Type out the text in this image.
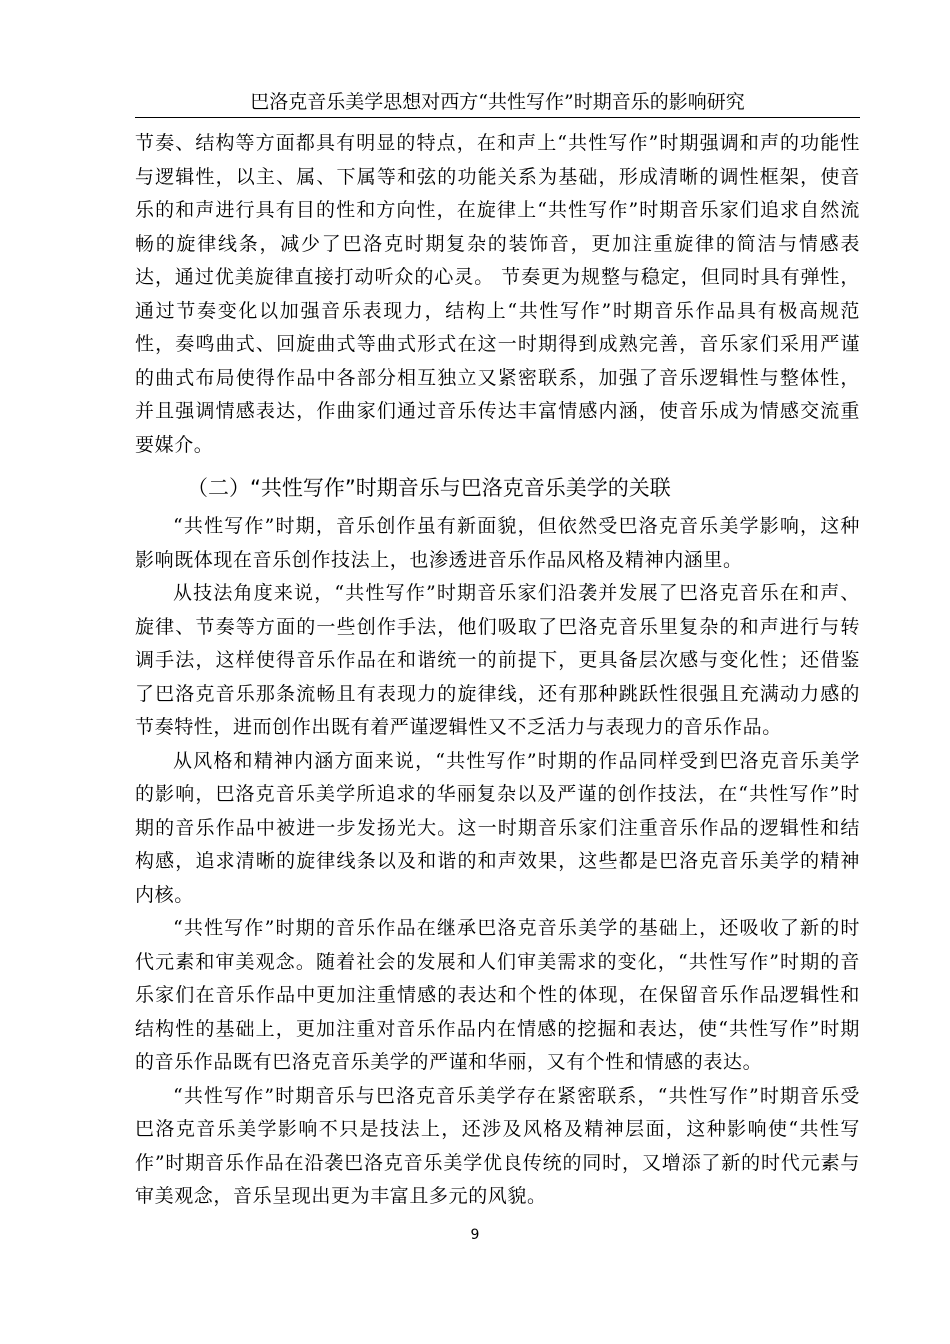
巴洛克音乐美学思想对西方“共性写作”时期音乐的影响研究

节奏、结构等方面都具有明显的特点，在和声上“共性写作”时期强调和声的功能性与逻辑性，以主、属、下属等和弦的功能关系为基础，形成清晰的调性框架，使音乐的和声进行具有目的性和方向性，在旋律上“共性写作”时期音乐家们追求自然流畅的旋律线条，减少了巴洛克时期复杂的装饰音，更加注重旋律的简洁与情感表达，通过优美旋律直接打动听众的心灵。 节奏更为规整与稳定，但同时具有弹性，通过节奏变化以加强音乐表现力，结构上“共性写作”时期音乐作品具有极高规范性，奏鸣曲式、回旋曲式等曲式形式在这一时期得到成熟完善，音乐家们采用严谨的曲式布局使得作品中各部分相互独立又紧密联系，加强了音乐逻辑性与整体性，并且强调情感表达，作曲家们通过音乐传达丰富情感内涵，使音乐成为情感交流重要媒介。

（二）“共性写作”时期音乐与巴洛克音乐美学的关联

“共性写作”时期，音乐创作虽有新面貌，但依然受巴洛克音乐美学影响，这种影响既体现在音乐创作技法上，也渗透进音乐作品风格及精神内涵里。

从技法角度来说，“共性写作”时期音乐家们沿袭并发展了巴洛克音乐在和声、旋律、节奏等方面的一些创作手法，他们吸取了巴洛克音乐里复杂的和声进行与转调手法，这样使得音乐作品在和谐统一的前提下，更具备层次感与变化性；还借鉴了巴洛克音乐那条流畅且有表现力的旋律线，还有那种跳跃性很强且充满动力感的节奏特性，进而创作出既有着严谨逻辑性又不乏活力与表现力的音乐作品。

从风格和精神内涵方面来说，“共性写作”时期的作品同样受到巴洛克音乐美学的影响，巴洛克音乐美学所追求的华丽复杂以及严谨的创作技法，在“共性写作”时期的音乐作品中被进一步发扬光大。这一时期音乐家们注重音乐作品的逻辑性和结构感，追求清晰的旋律线条以及和谐的和声效果，这些都是巴洛克音乐美学的精神内核。

“共性写作”时期的音乐作品在继承巴洛克音乐美学的基础上，还吸收了新的时代元素和审美观念。随着社会的发展和人们审美需求的变化，“共性写作”时期的音乐家们在音乐作品中更加注重情感的表达和个性的体现，在保留音乐作品逻辑性和结构性的基础上，更加注重对音乐作品内在情感的挖掘和表达，使“共性写作”时期的音乐作品既有巴洛克音乐美学的严谨和华丽，又有个性和情感的表达。

“共性写作”时期音乐与巴洛克音乐美学存在紧密联系，“共性写作”时期音乐受巴洛克音乐美学影响不只是技法上，还涉及风格及精神层面，这种影响使“共性写作”时期音乐作品在沿袭巴洛克音乐美学优良传统的同时，又增添了新的时代元素与审美观念，音乐呈现出更为丰富且多元的风貌。

9
